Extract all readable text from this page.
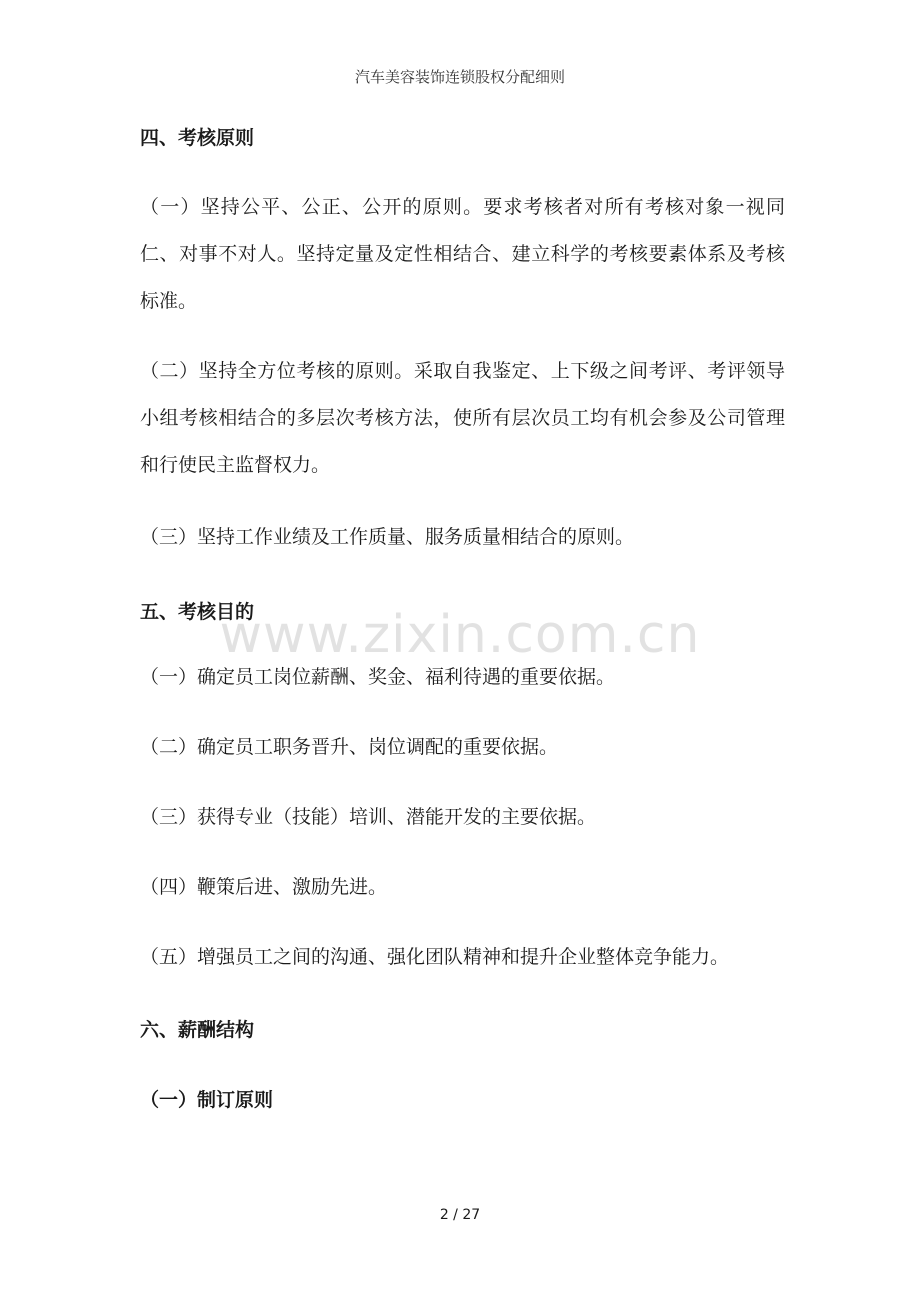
汽车美容装饰连锁股权分配细则
四、考核原则
（一）坚持公平、公正、公开的原则。要求考核者对所有考核对象一视同仁、对事不对人。坚持定量及定性相结合、建立科学的考核要素体系及考核标准。
（二）坚持全方位考核的原则。采取自我鉴定、上下级之间考评、考评领导小组考核相结合的多层次考核方法，使所有层次员工均有机会参及公司管理和行使民主监督权力。
（三）坚持工作业绩及工作质量、服务质量相结合的原则。
五、考核目的
（一）确定员工岗位薪酬、奖金、福利待遇的重要依据。
（二）确定员工职务晋升、岗位调配的重要依据。
（三）获得专业（技能）培训、潜能开发的主要依据。
（四）鞭策后进、激励先进。
（五）增强员工之间的沟通、强化团队精神和提升企业整体竞争能力。
六、薪酬结构
（一）制订原则
www.zixin.com.cn
2 / 27
